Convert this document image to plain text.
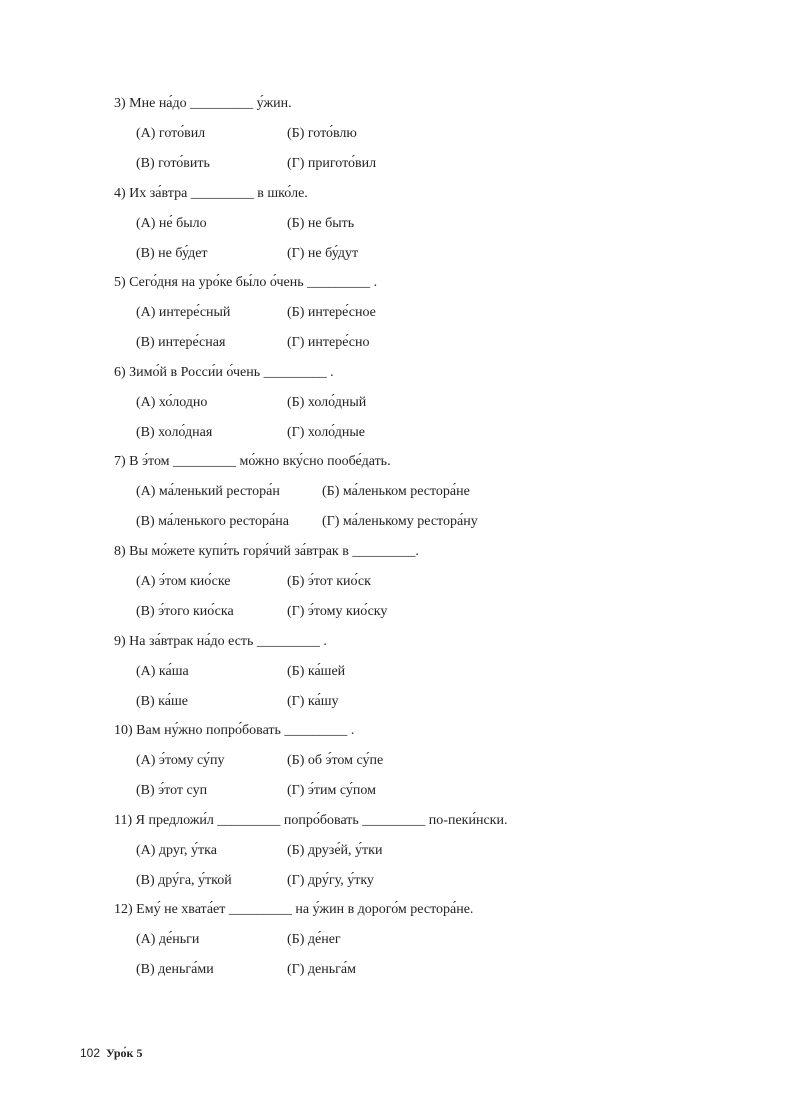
3) Мне на́до _________ у́жин.
(А) гото́вил	(Б) гото́влю
(В) гото́вить	(Г) пригото́вил
4) Их за́втра _________ в шко́ле.
(А) не́ было	(Б) не быть
(В) не бу́дет	(Г) не бу́дут
5) Сего́дня на уро́ке бы́ло о́чень _________ .
(А) интере́сный	(Б) интере́сное
(В) интере́сная	(Г) интере́сно
6) Зимо́й в Росси́и о́чень _________ .
(А) хо́лодно	(Б) холо́дный
(В) холо́дная	(Г) холо́дные
7) В э́том _________ мо́жно вку́сно пообе́дать.
(А) ма́ленький рестора́н	(Б) ма́леньком рестора́не
(В) ма́ленького рестора́на (Г) ма́ленькому рестора́ну
8) Вы мо́жете купи́ть горя́чий за́втрак в _________.
(А) э́том кио́ске	(Б) э́тот кио́ск
(В) э́того кио́ска	(Г) э́тому кио́ску
9) На за́втрак на́до есть _________ .
(А) ка́ша	(Б) ка́шей
(В) ка́ше	(Г) ка́шу
10) Вам ну́жно попро́бовать _________ .
(А) э́тому су́пу	(Б) об э́том су́пе
(В) э́тот суп	(Г) э́тим су́пом
11) Я предложи́л _________ попро́бовать _________ по-пеки́нски.
(А) друг, у́тка	(Б) друзе́й, у́тки
(В) дру́га, у́ткой	(Г) дру́гу, у́тку
12) Ему́ не хвата́ет _________ на у́жин в дорого́м рестора́не.
(А) де́ньги	(Б) де́нег
(В) деньга́ми	(Г) деньга́м
102 Уро́к 5
